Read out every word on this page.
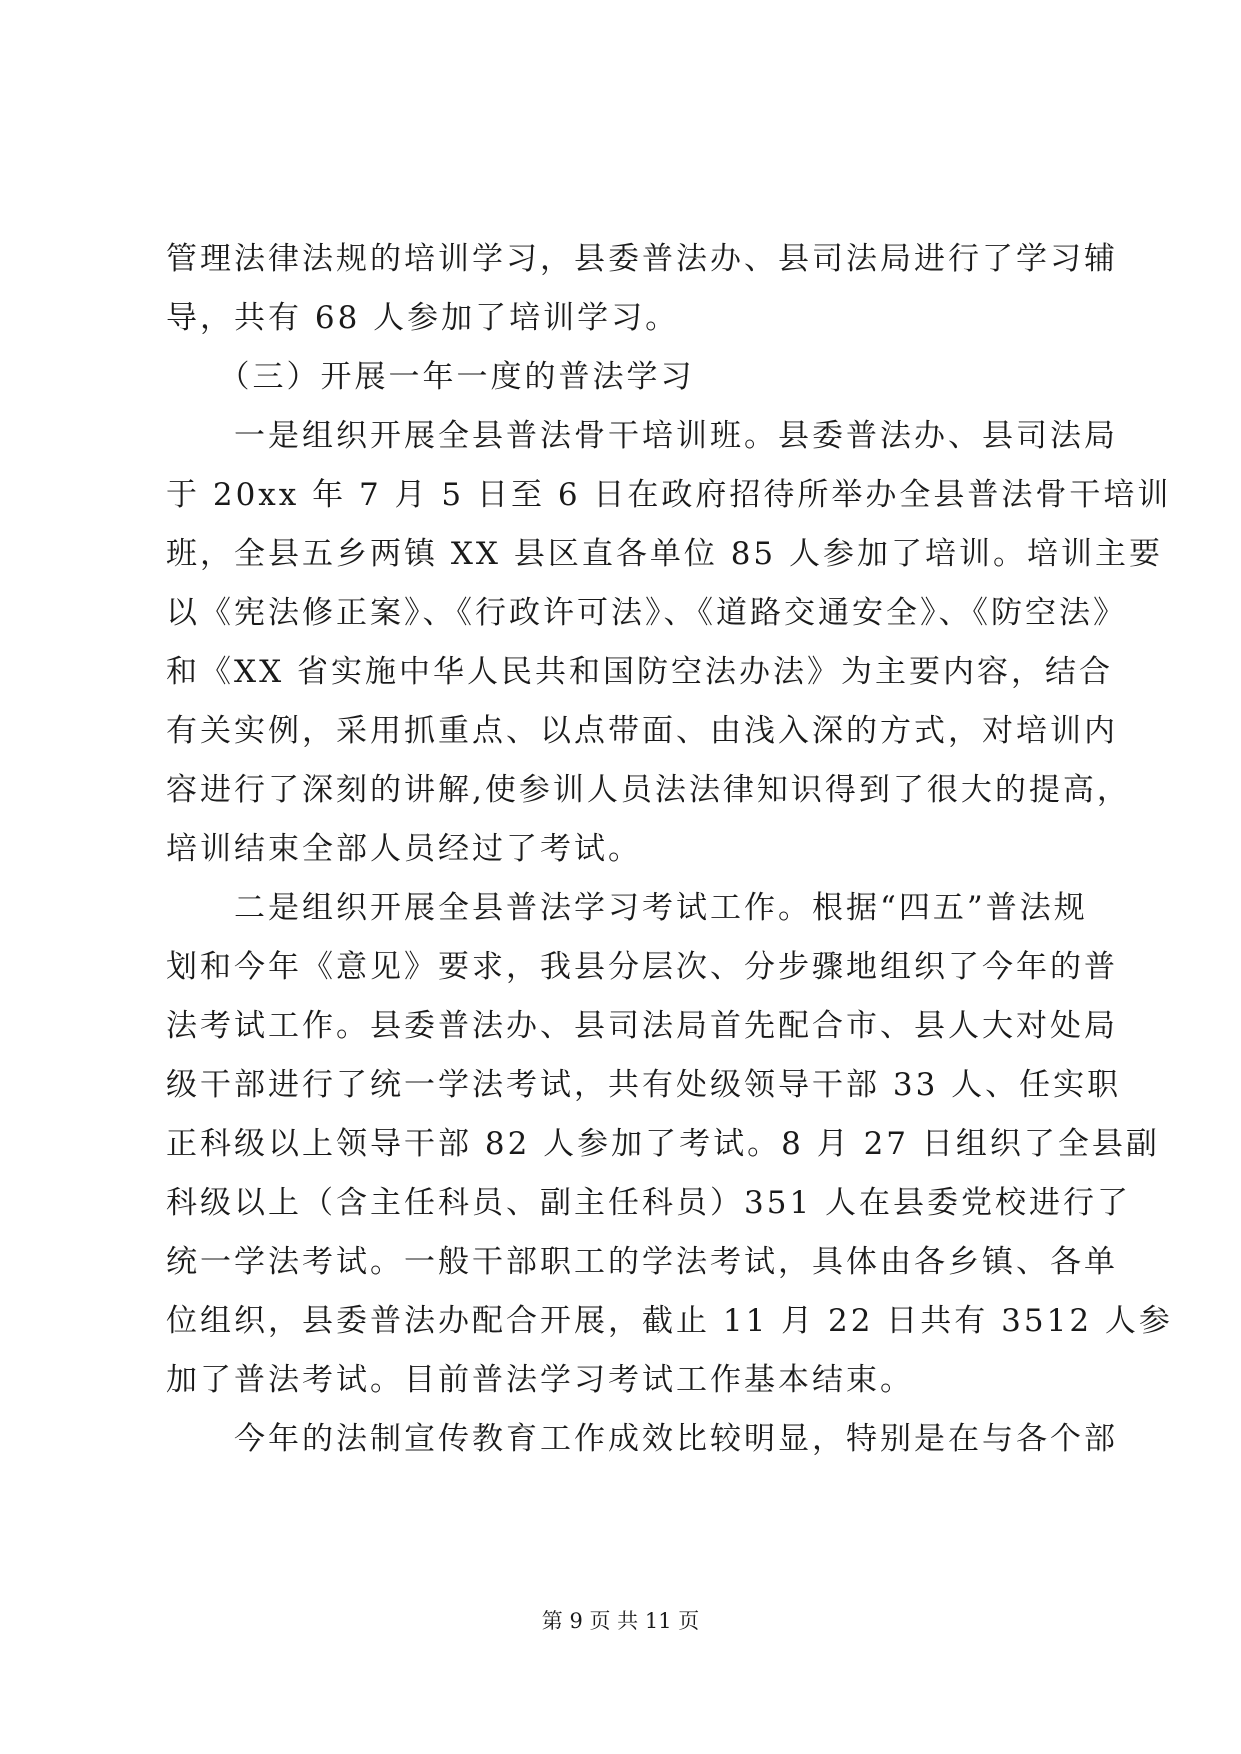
管理法律法规的培训学习，县委普法办、县司法局进行了学习辅
导，共有 68 人参加了培训学习。
　　（三）开展一年一度的普法学习
　　一是组织开展全县普法骨干培训班。县委普法办、县司法局
于 20xx 年 7 月 5 日至 6 日在政府招待所举办全县普法骨干培训
班，全县五乡两镇 XX 县区直各单位 85 人参加了培训。培训主要
以《宪法修正案》、《行政许可法》、《道路交通安全》、《防空法》
和《XX 省实施中华人民共和国防空法办法》为主要内容，结合
有关实例，采用抓重点、以点带面、由浅入深的方式，对培训内
容进行了深刻的讲解,使参训人员法法律知识得到了很大的提高，
培训结束全部人员经过了考试。
　　二是组织开展全县普法学习考试工作。根据“四五”普法规
划和今年《意见》要求，我县分层次、分步骤地组织了今年的普
法考试工作。县委普法办、县司法局首先配合市、县人大对处局
级干部进行了统一学法考试，共有处级领导干部 33 人、任实职
正科级以上领导干部 82 人参加了考试。8 月 27 日组织了全县副
科级以上（含主任科员、副主任科员）351 人在县委党校进行了
统一学法考试。一般干部职工的学法考试，具体由各乡镇、各单
位组织，县委普法办配合开展，截止 11 月 22 日共有 3512 人参
加了普法考试。目前普法学习考试工作基本结束。
　　今年的法制宣传教育工作成效比较明显，特别是在与各个部
第 9 页 共 11 页
